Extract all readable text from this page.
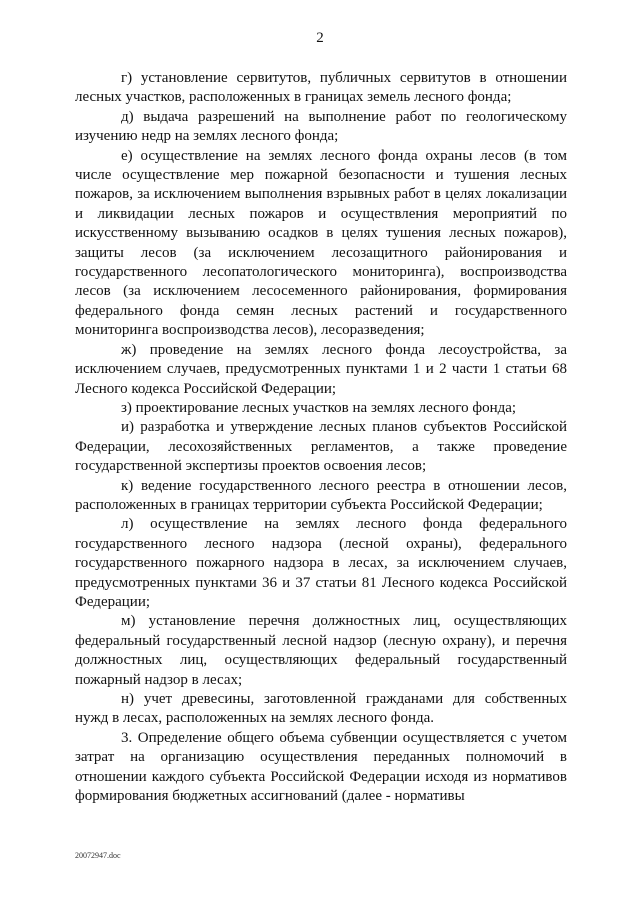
2

г) установление сервитутов, публичных сервитутов в отношении лесных участков, расположенных в границах земель лесного фонда;

д) выдача разрешений на выполнение работ по геологическому изучению недр на землях лесного фонда;

е) осуществление на землях лесного фонда охраны лесов (в том числе осуществление мер пожарной безопасности и тушения лесных пожаров, за исключением выполнения взрывных работ в целях локализации и ликвидации лесных пожаров и осуществления мероприятий по искусственному вызыванию осадков в целях тушения лесных пожаров), защиты лесов (за исключением лесозащитного районирования и государственного лесопатологического мониторинга), воспроизводства лесов (за исключением лесосеменного районирования, формирования федерального фонда семян лесных растений и государственного мониторинга воспроизводства лесов), лесоразведения;

ж) проведение на землях лесного фонда лесоустройства, за исключением случаев, предусмотренных пунктами 1 и 2 части 1 статьи 68 Лесного кодекса Российской Федерации;

з) проектирование лесных участков на землях лесного фонда;

и) разработка и утверждение лесных планов субъектов Российской Федерации, лесохозяйственных регламентов, а также проведение государственной экспертизы проектов освоения лесов;

к) ведение государственного лесного реестра в отношении лесов, расположенных в границах территории субъекта Российской Федерации;

л) осуществление на землях лесного фонда федерального государственного лесного надзора (лесной охраны), федерального государственного пожарного надзора в лесах, за исключением случаев, предусмотренных пунктами 36 и 37 статьи 81 Лесного кодекса Российской Федерации;

м) установление перечня должностных лиц, осуществляющих федеральный государственный лесной надзор (лесную охрану), и перечня должностных лиц, осуществляющих федеральный государственный пожарный надзор в лесах;

н) учет древесины, заготовленной гражданами для собственных нужд в лесах, расположенных на землях лесного фонда.

3. Определение общего объема субвенции осуществляется с учетом затрат на организацию осуществления переданных полномочий в отношении каждого субъекта Российской Федерации исходя из нормативов формирования бюджетных ассигнований (далее - нормативы

20072947.doc
